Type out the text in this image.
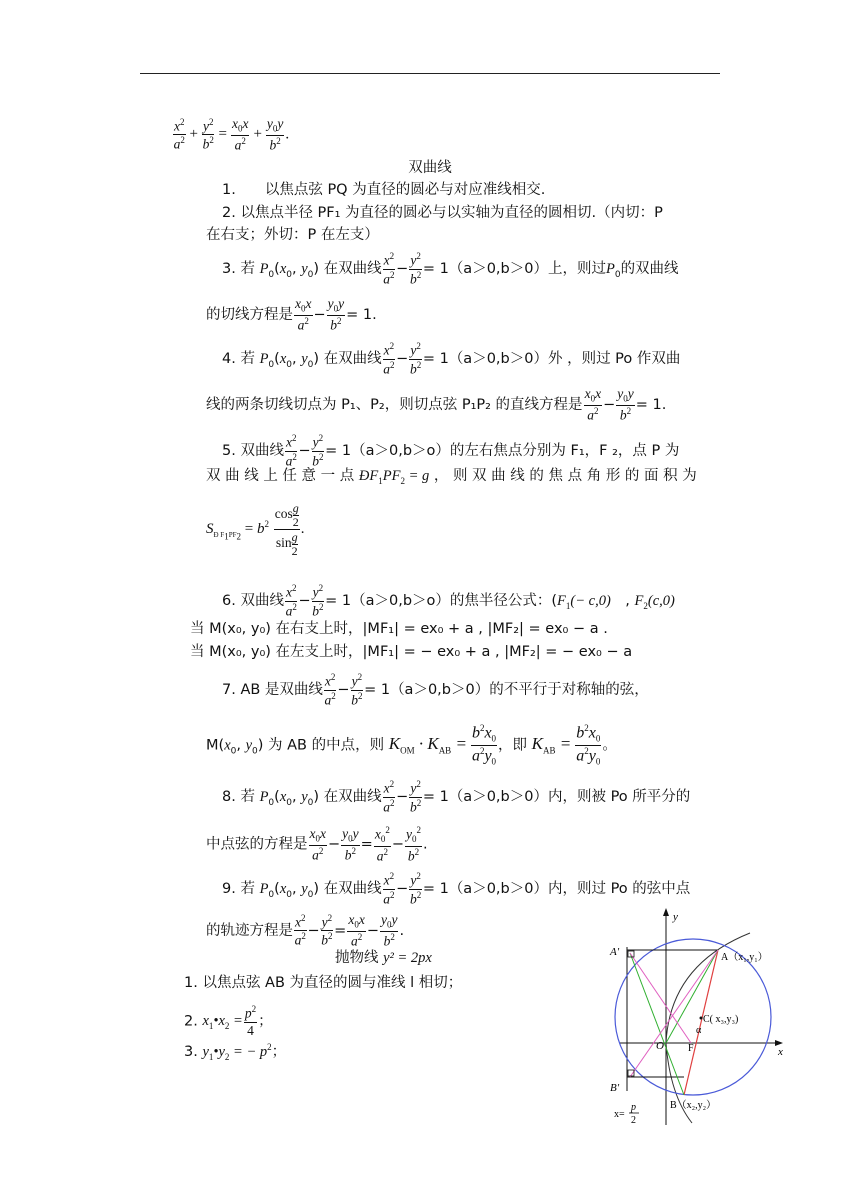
$\frac{x^2}{a^2} + \frac{y^2}{b^2} = \frac{x_0x}{a^2} + \frac{y_0y}{b^2}$ .
双曲线
1.　　以焦点弦 PQ 为直径的圆必与对应准线相交.
2. 以焦点半径 PF₁ 为直径的圆必与以实轴为直径的圆相切.（内切：P
在右支；外切：P 在左支）
3. 若 $P_0(x_0$, $y_0$) 在双曲线 $\frac{x^2}{a^2} - \frac{y^2}{b^2} = 1(a>0,b>0)$上，则过$P_0$的双曲线
的切线方程是 $\frac{x_0x}{a^2} - \frac{y_0y}{b^2} = 1$.
4. 若 $P_0(x_0$, $y_0$) 在双曲线 $\frac{x^2}{a^2} - \frac{y^2}{b^2} = 1(a>0,b>0)$外 ，则过 Po 作双曲
线的两条切线切点为 P₁、P₂，则切点弦 P₁P₂ 的直线方程是 $\frac{x_0x}{a^2} - \frac{y_0y}{b^2} = 1$.
5. 双曲线 $\frac{x^2}{a^2} - \frac{y^2}{b^2} = 1(a>0,b>o)$的左右焦点分别为 F₁，F ₂，点 P 为
双 曲 线 上 任 意 一 点 $ÐF_1PF_2 = g$ ， 则 双 曲 线 的 焦 点 角 形 的 面 积 为
$S_{Ð F_1PF_2} = b^2 \frac{\cos \frac{g}{2}}{\sin \frac{g}{2}}$ .
6. 双曲线 $\frac{x^2}{a^2} - \frac{y^2}{b^2} = 1(a>0,b>o)$的焦半径公式：($F_1(- c,0)$　, $F_2(c,0)$
当 M(x₀, y₀) 在右支上时，|MF₁| = ex₀ + a , |MF₂| = ex₀ − a .
当 M(x₀, y₀) 在左支上时，|MF₁| = − ex₀ + a , |MF₂| = − ex₀ − a
7. AB 是双曲线 $\frac{x^2}{a^2} - \frac{y^2}{b^2} = 1(a>0,b>0)$的不平行于对称轴的弦，
$M(x_0$, $y_0$) 为 AB 的中点，则 $K_{OM} \cdot K_{AB} = \frac{b^2x_0}{a^2y_0}$ ，即 $K_{AB} = \frac{b^2x_0}{a^2y_0}$ 。
8. 若 $P_0(x_0$, $y_0$) 在双曲线 $\frac{x^2}{a^2} - \frac{y^2}{b^2} = 1(a>0,b>0)$内，则被 Po 所平分的
中点弦的方程是 $\frac{x_0x}{a^2} - \frac{y_0y}{b^2} = \frac{x_0^2}{a^2} - \frac{y_0^2}{b^2}$ .
9. 若 $P_0(x_0$, $y_0$) 在双曲线 $\frac{x^2}{a^2} - \frac{y^2}{b^2} = 1(a>0,b>0)$内，则过 Po 的弦中点
的轨迹方程是 $\frac{x^2}{a^2} - \frac{y^2}{b^2} = \frac{x_0x}{a^2} - \frac{y_0y}{b^2}$ .
抛物线 y² = 2px
1. 以焦点弦 AB 为直径的圆与准线 l 相切；
2. $x_1•x_2 = \frac{p^2}{4}$ ；
3. $y_1•y_2$ = − $p^2$；
y
x
A′	A（x₁,y₁）
C( x₃,y₃)
α
O F
B′
B（x₂,y₂）
x=
p
2
